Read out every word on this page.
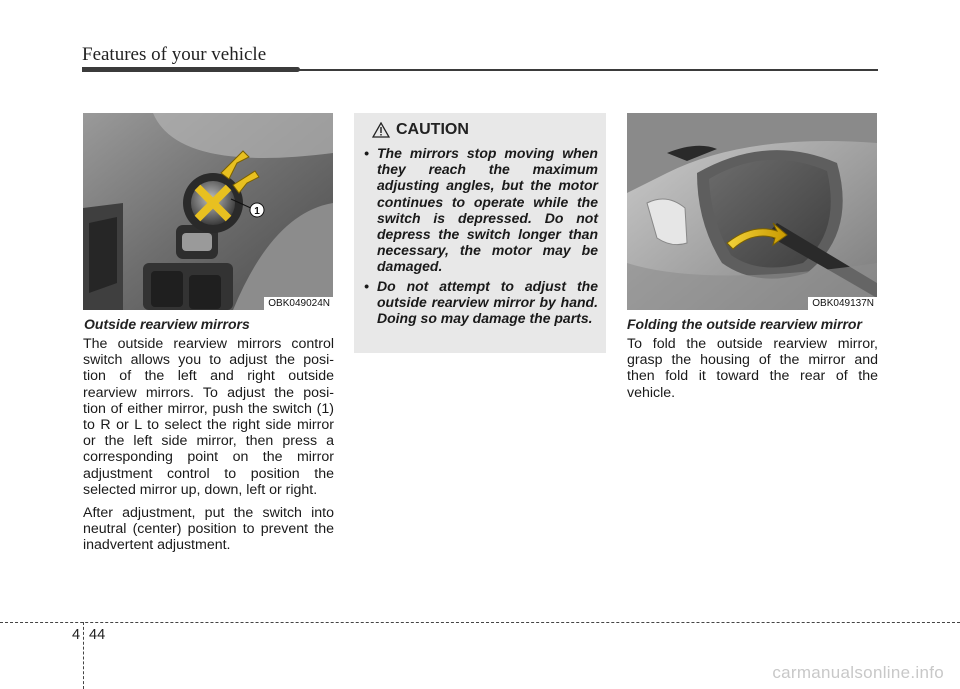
Features of your vehicle
1
OBK049024N
Outside rearview mirrors

The outside rearview mirrors control switch allows you to adjust the posi- tion of the left and right outside rearview mirrors. To adjust the posi- tion of either mirror, push the switch (1) to R or L to select the right side mirror or the left side mirror, then press a corresponding point on the mirror adjustment control to position the selected mirror up, down, left or right.

After adjustment, put the switch into neutral (center) position to prevent the inadvertent adjustment.

CAUTION
• The mirrors stop moving when they reach the maximum adjusting angles, but the motor continues to operate while the switch is depressed. Do not depress the switch longer than necessary, the motor may be damaged.
• Do not attempt to adjust the outside rearview mirror by hand. Doing so may damage the parts.
OBK049137N
Folding the outside rearview mirror

To fold the outside rearview mirror, grasp the housing of the mirror and then fold it toward the rear of the vehicle.

4 44
carmanualsonline.info
